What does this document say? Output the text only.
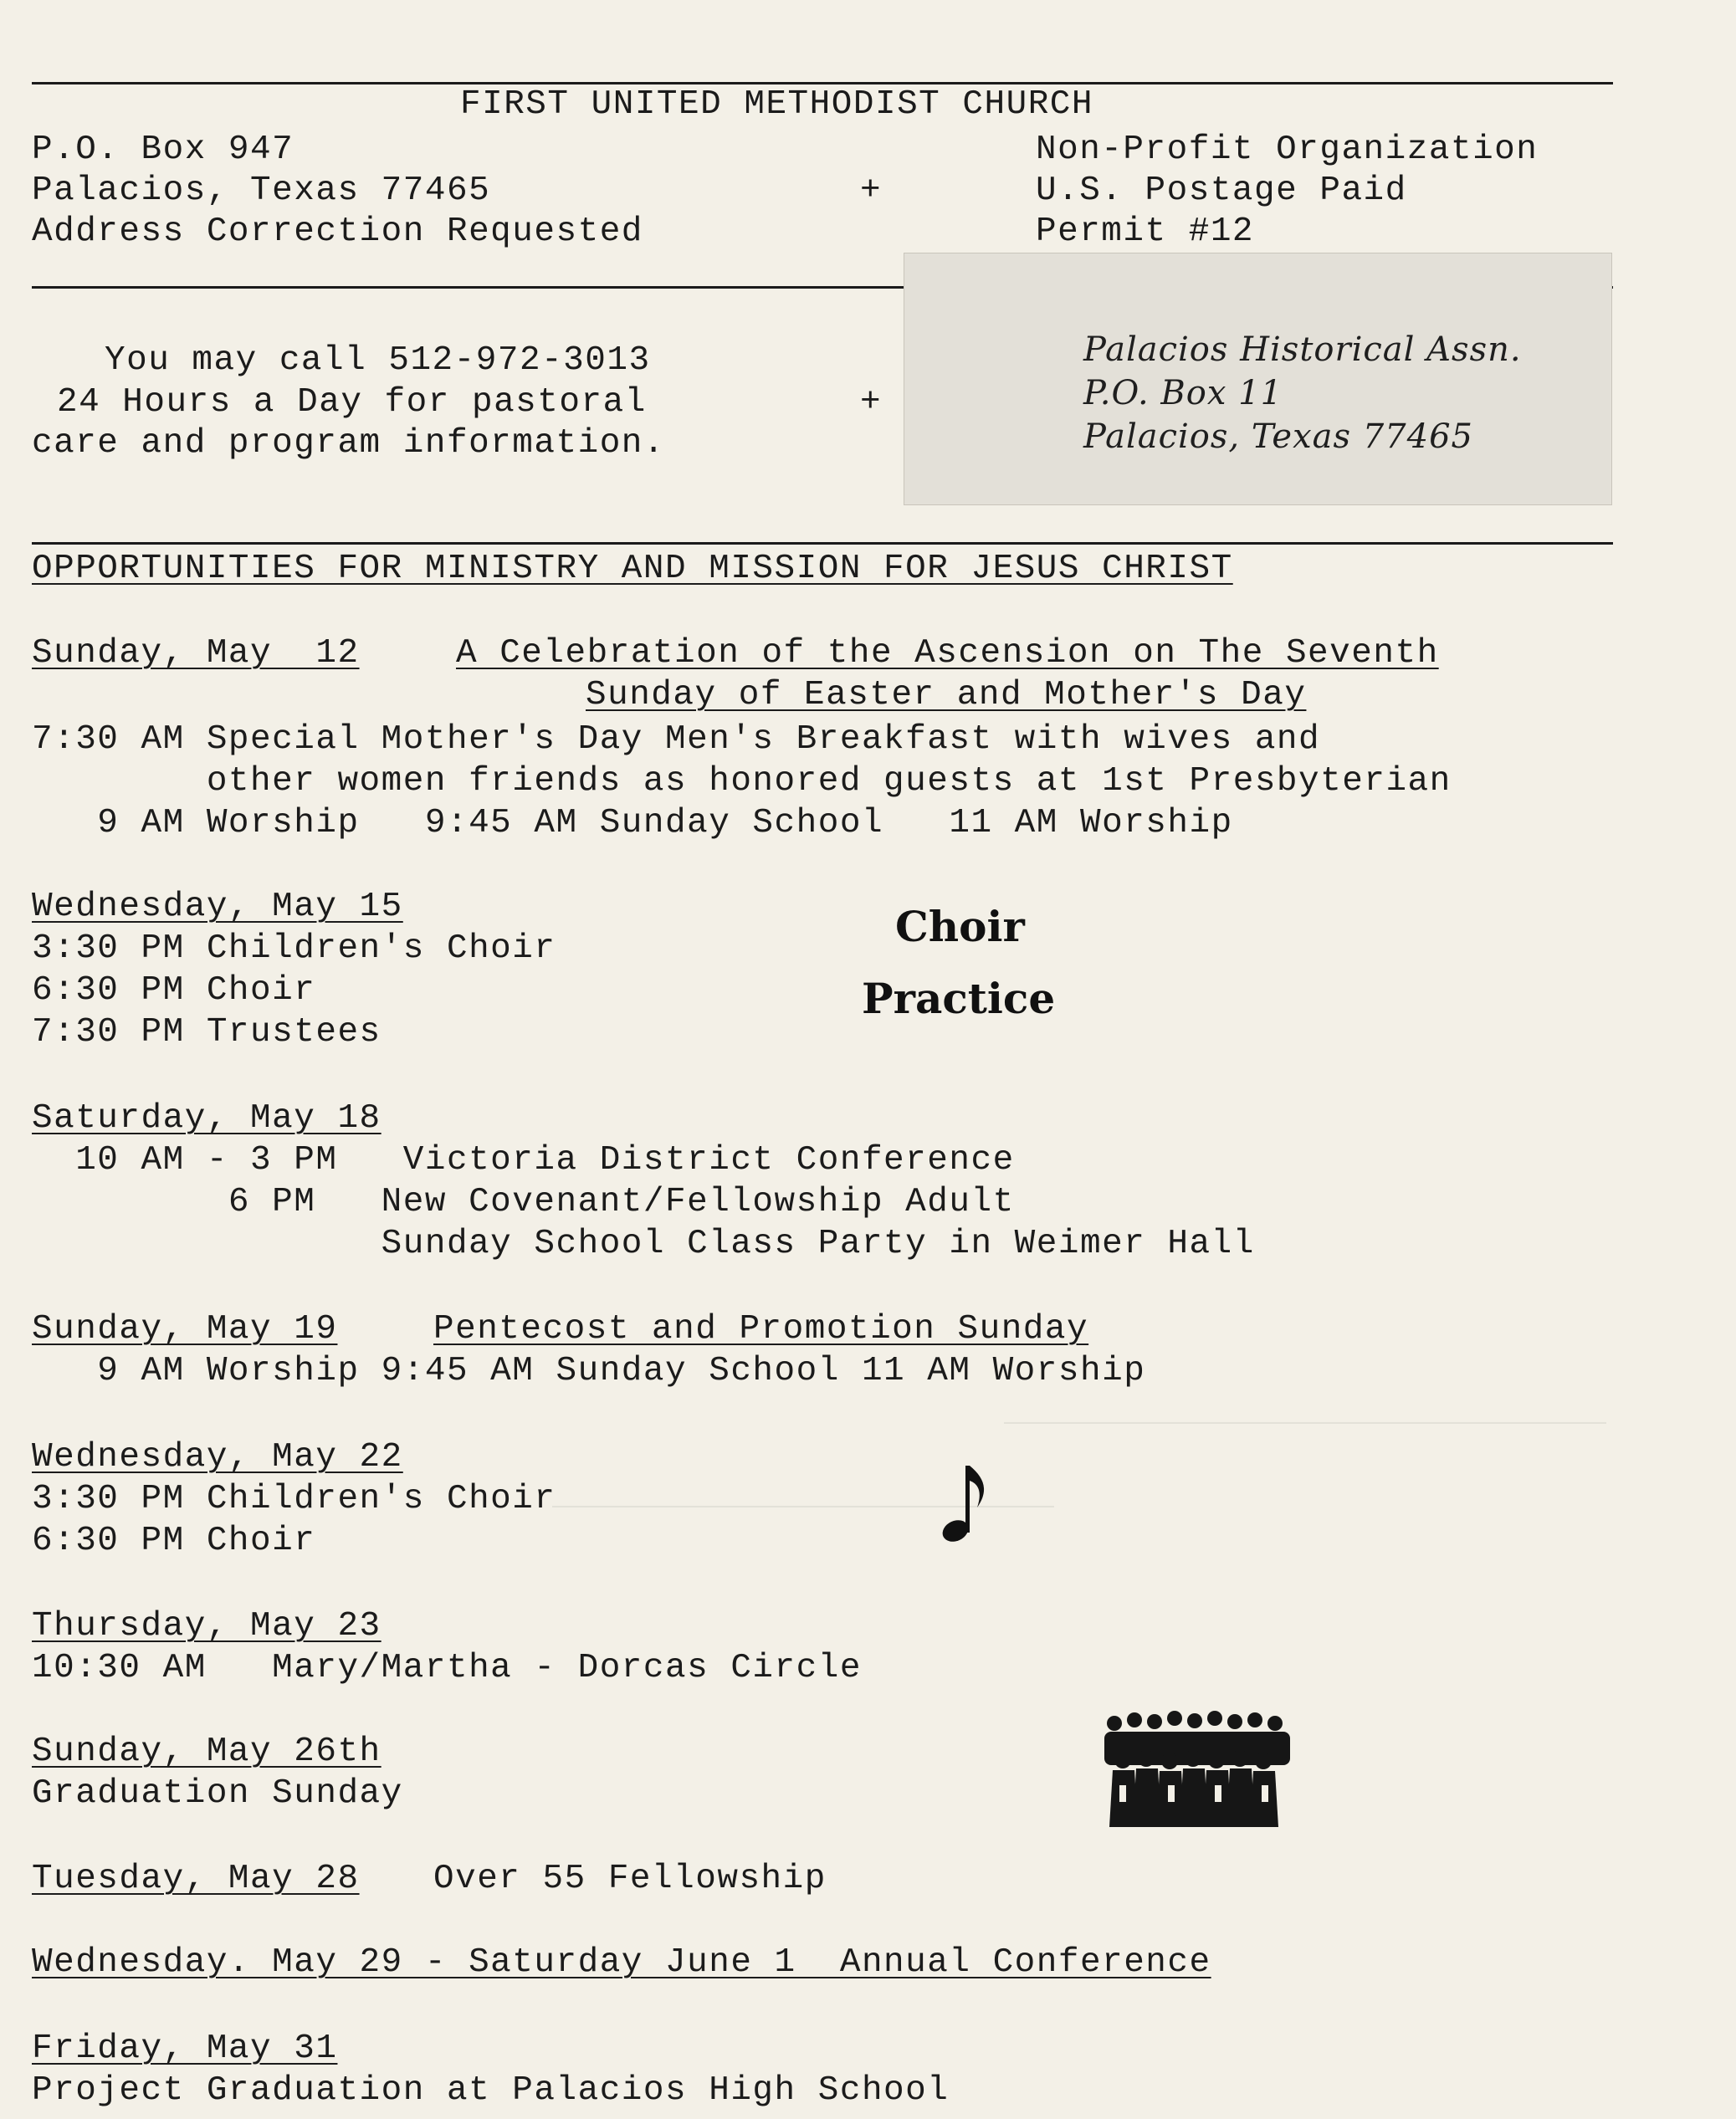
FIRST UNITED METHODIST CHURCH
P.O. Box 947
Palacios, Texas 77465
Address Correction Requested
+
Non-Profit Organization
U.S. Postage Paid
Permit #12
You may call 512-972-3013
24 Hours a Day for pastoral
care and program information.
+
Palacios Historical Assn.
P.O. Box 11
Palacios, Texas 77465
OPPORTUNITIES FOR MINISTRY AND MISSION FOR JESUS CHRIST
Sunday, May  12	A Celebration of the Ascension on The Seventh
Sunday of Easter and Mother's Day
7:30 AM Special Mother's Day Men's Breakfast with wives and
other women friends as honored guests at 1st Presbyterian
9 AM Worship   9:45 AM Sunday School   11 AM Worship
Wednesday, May 15
3:30 PM Children's Choir
6:30 PM Choir
7:30 PM Trustees
Choir
Practice
Saturday, May 18
10 AM - 3 PM   Victoria District Conference
6 PM   New Covenant/Fellowship Adult
Sunday School Class Party in Weimer Hall
Sunday, May 19	Pentecost and Promotion Sunday
9 AM Worship 9:45 AM Sunday School 11 AM Worship
Wednesday, May 22
3:30 PM Children's Choir
6:30 PM Choir
Thursday, May 23
10:30 AM   Mary/Martha - Dorcas Circle
Sunday, May 26th
Graduation Sunday
Tuesday, May 28 Over 55 Fellowship
Wednesday. May 29 - Saturday June 1  Annual Conference
Friday, May 31
Project Graduation at Palacios High School
